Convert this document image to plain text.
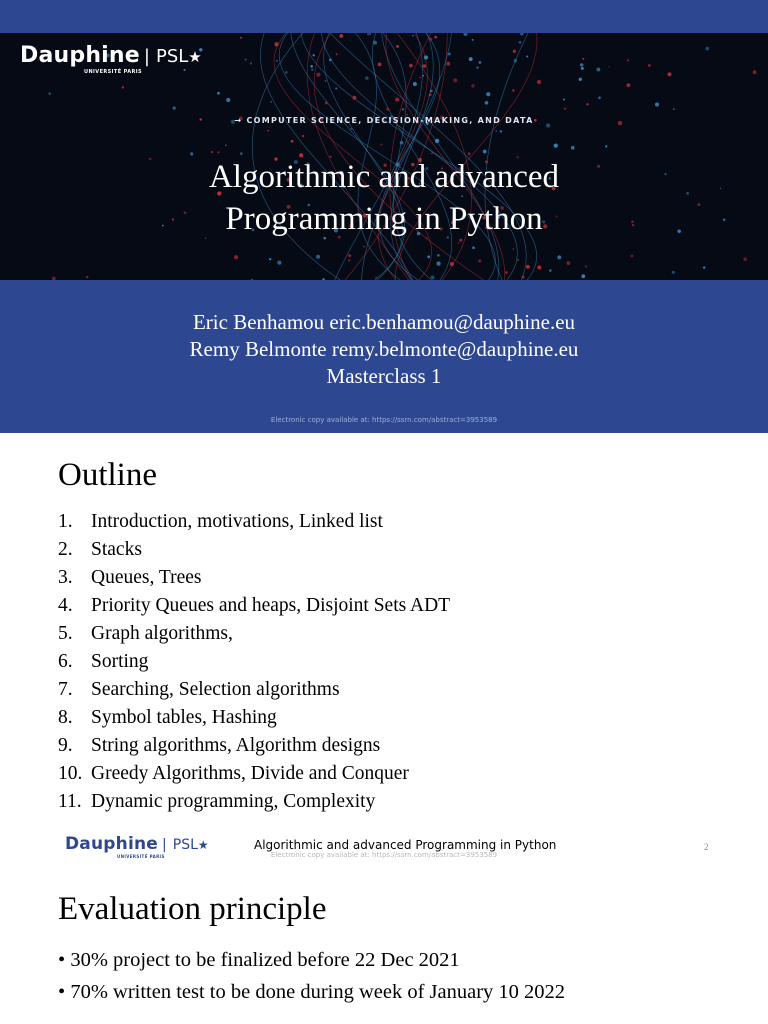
Dauphine | PSL★
UNIVERSITÉ PARIS
→ COMPUTER SCIENCE, DECISION-MAKING, AND DATA
Algorithmic and advanced
Programming in Python
Eric Benhamou eric.benhamou@dauphine.eu
Remy Belmonte remy.belmonte@dauphine.eu
Masterclass 1
Electronic copy available at: https://ssrn.com/abstract=3953589
Outline
1. Introduction, motivations, Linked list
2. Stacks
3. Queues, Trees
4. Priority Queues and heaps, Disjoint Sets ADT
5. Graph algorithms,
6. Sorting
7. Searching, Selection algorithms
8. Symbol tables, Hashing
9. String algorithms, Algorithm designs
10. Greedy Algorithms, Divide and Conquer
11. Dynamic programming, Complexity
Dauphine | PSL★
UNIVERSITÉ PARIS
Algorithmic and advanced Programming in Python
Electronic copy available at: https://ssrn.com/abstract=3953589
2
Evaluation principle
• 30% project to be finalized before 22 Dec 2021
• 70% written test to be done during week of January 10 2022
